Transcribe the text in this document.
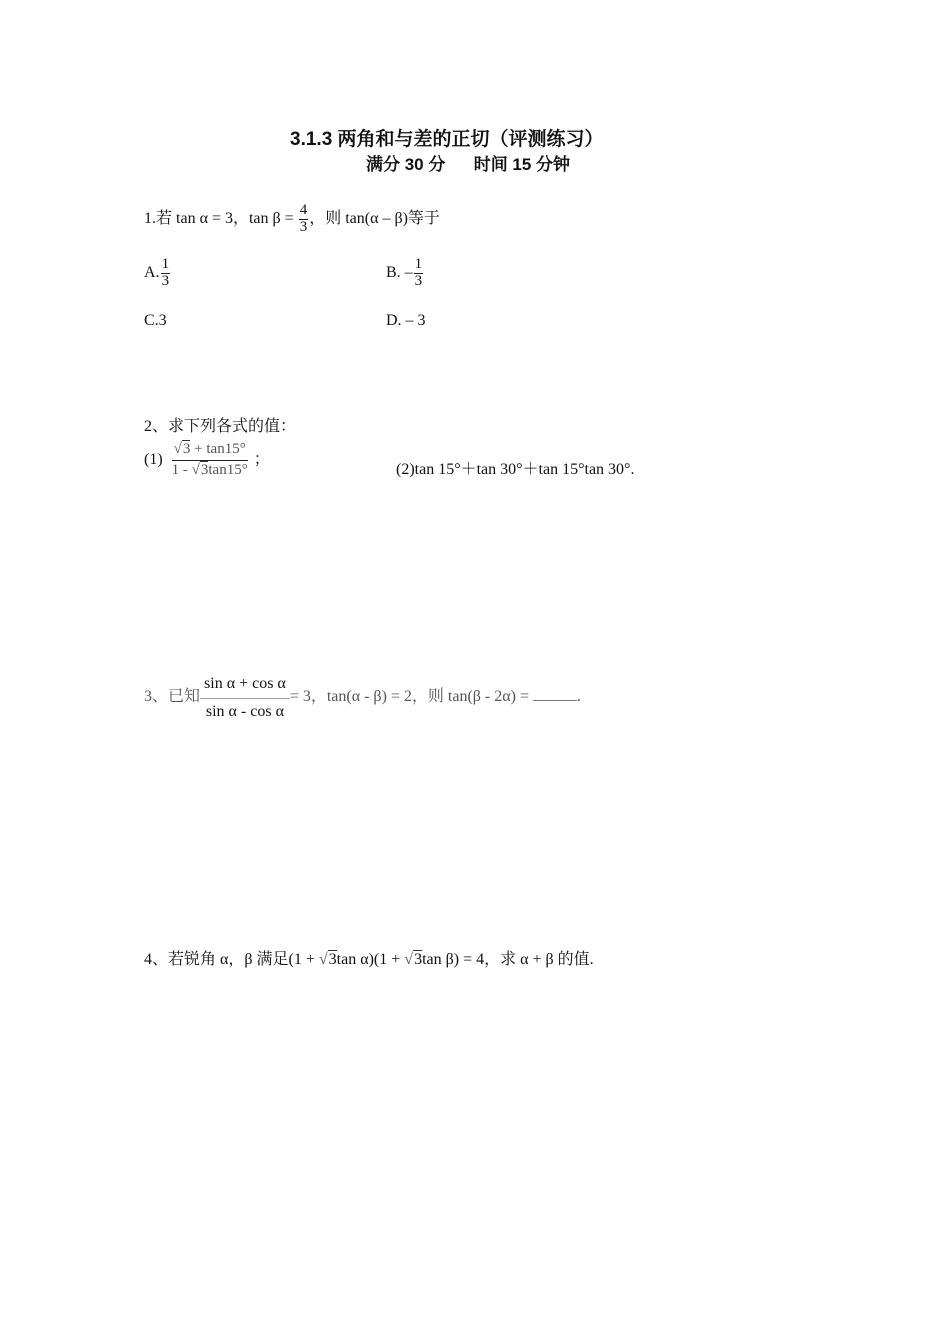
3.1.3 两角和与差的正切（评测练习）
满分 30 分      时间 15 分钟
1.若 tan α = 3，$\tan \beta = \frac{4}{3}$ ，则 tan(α – β)等于
A. $\frac{1}{3}$	B. – $\frac{1}{3}$
C.3	D. – 3
2、求下列各式的值：
$(1) \frac{√3 + \tan 15^\circ}{1 - √3\tan 15^\circ}$ ；
(2)tan 15°＋tan 30°＋tan 15°tan 30°.
3、已知 $\frac{\text{sin α + cos α}}{\text{sin α - cos α}} = 3$，tan(α - β) = 2，则 tan(β - 2α) =	.
4、若锐角 α，β 满足(1 + √3tan α)(1 + √3tan β) = 4，求 α + β 的值.
